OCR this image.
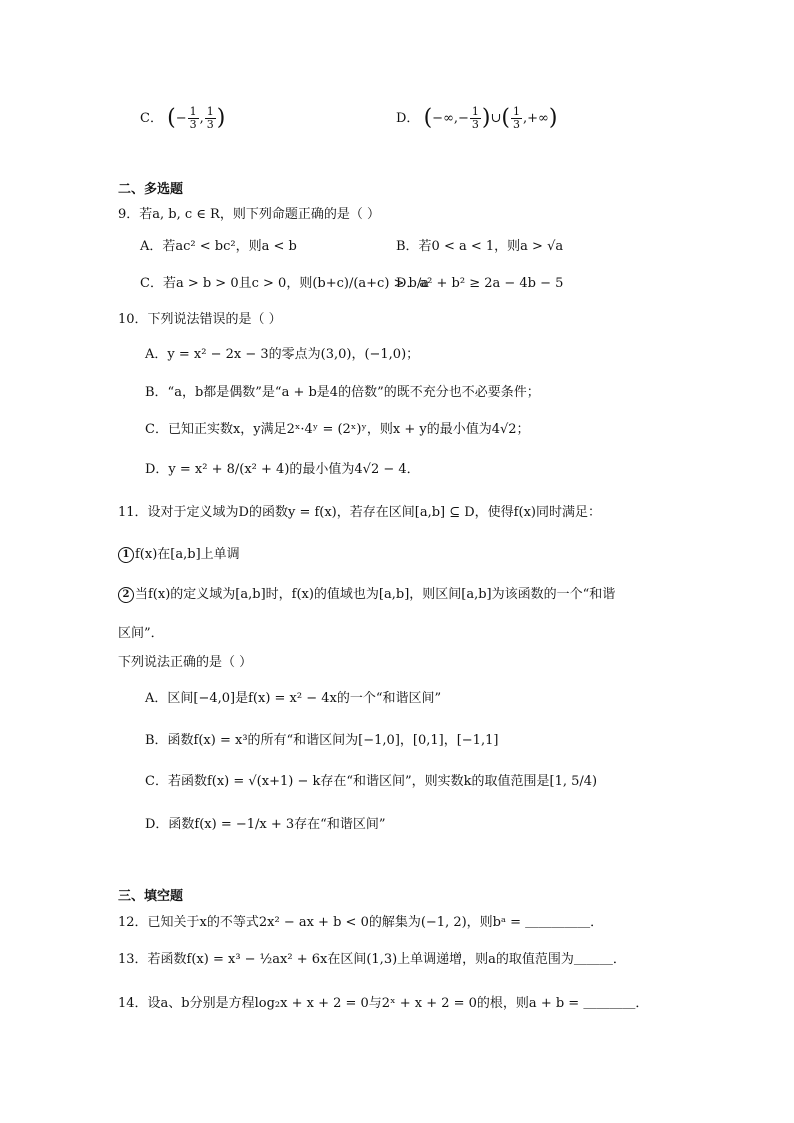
C． (− $\frac{1}{3}$ , $\frac{1}{3}$ )	D． (−∞,− $\frac{1}{3}$ )∪( $\frac{1}{3}$ ,+∞)
二、多选题
9．若a, b, c ∈ R，则下列命题正确的是（ ）
A．若ac² < bc²，则a < b	B．若0 < a < 1，则a > √a
C．若a > b > 0且c > 0，则(b+c)/(a+c) > b/a
D．a² + b² ≥ 2a − 4b − 5
10．下列说法错误的是（ ）
A．y = x² − 2x − 3的零点为(3,0)，(−1,0)；
B．“a，b都是偶数”是“a + b是4的倍数”的既不充分也不必要条件；
C．已知正实数x，y满足2ˣ·4ʸ = (2ˣ)ʸ，则x + y的最小值为4√2；
D．y = x² + 8/(x² + 4)的最小值为4√2 − 4．
11．设对于定义域为D的函数y = f(x)，若存在区间[a,b] ⊆ D，使得f(x)同时满足：
1 f(x)在[a,b]上单调
2 当f(x)的定义域为[a,b]时，f(x)的值域也为[a,b]，则区间[a,b]为该函数的一个“和谐
区间”．
下列说法正确的是（ ）
A．区间[−4,0]是f(x) = x² − 4x的一个“和谐区间”
B．函数f(x) = x³的所有“和谐区间为[−1,0]，[0,1]，[−1,1]
C．若函数f(x) = √(x+1) − k存在“和谐区间”，则实数k的取值范围是[1, 5/4)
D．函数f(x) = −1/x + 3存在“和谐区间”
三、填空题
12．已知关于x的不等式2x² − ax + b < 0的解集为(−1, 2)，则bᵃ = ＿＿＿＿＿．
13．若函数f(x) = x³ − ½ax² + 6x在区间(1,3)上单调递增，则a的取值范围为＿＿＿．
14．设a、b分别是方程log₂x + x + 2 = 0与2ˣ + x + 2 = 0的根，则a + b = ＿＿＿＿．
